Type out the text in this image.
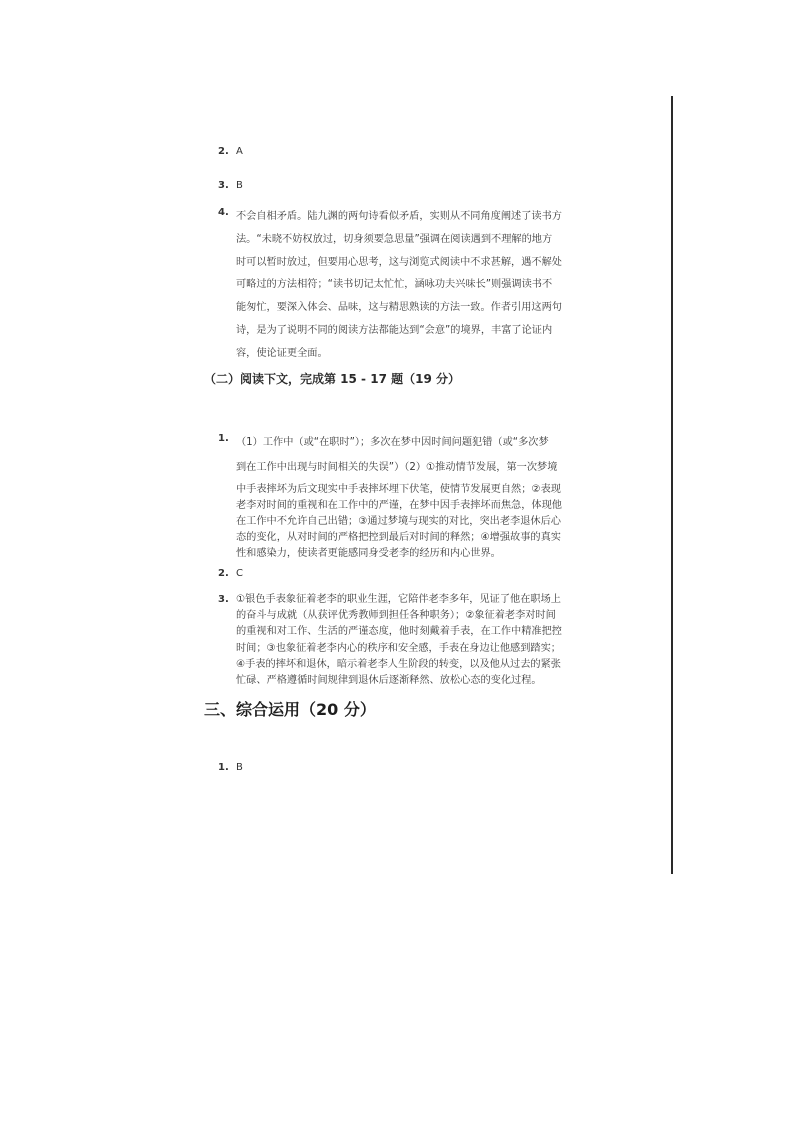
2. A
3. B
4. 不会自相矛盾。陆九渊的两句诗看似矛盾，实则从不同角度阐述了读书方
法。“未晓不妨权放过，切身须要急思量”强调在阅读遇到不理解的地方
时可以暂时放过，但要用心思考，这与浏览式阅读中不求甚解，遇不解处
可略过的方法相符；“读书切记太忙忙，涵咏功夫兴味长”则强调读书不
能匆忙，要深入体会、品味，这与精思熟读的方法一致。作者引用这两句
诗，是为了说明不同的阅读方法都能达到“会意”的境界，丰富了论证内
容，使论证更全面。
（二）阅读下文，完成第 15 - 17 题（19 分）
1. （1）工作中（或“在职时”）；多次在梦中因时间问题犯错（或“多次梦
到在工作中出现与时间相关的失误”）（2）①推动情节发展，第一次梦境
中手表摔坏为后文现实中手表摔坏埋下伏笔，使情节发展更自然；②表现
老李对时间的重视和在工作中的严谨，在梦中因手表摔坏而焦急，体现他
在工作中不允许自己出错；③通过梦境与现实的对比，突出老李退休后心
态的变化，从对时间的严格把控到最后对时间的释然；④增强故事的真实
性和感染力，使读者更能感同身受老李的经历和内心世界。
2. C
3. ①银色手表象征着老李的职业生涯，它陪伴老李多年，见证了他在职场上
的奋斗与成就（从获评优秀教师到担任各种职务）；②象征着老李对时间
的重视和对工作、生活的严谨态度，他时刻戴着手表，在工作中精准把控
时间；③也象征着老李内心的秩序和安全感，手表在身边让他感到踏实；
④手表的摔坏和退休，暗示着老李人生阶段的转变，以及他从过去的紧张
忙碌、严格遵循时间规律到退休后逐渐释然、放松心态的变化过程。
三、综合运用（20 分）
1. B
